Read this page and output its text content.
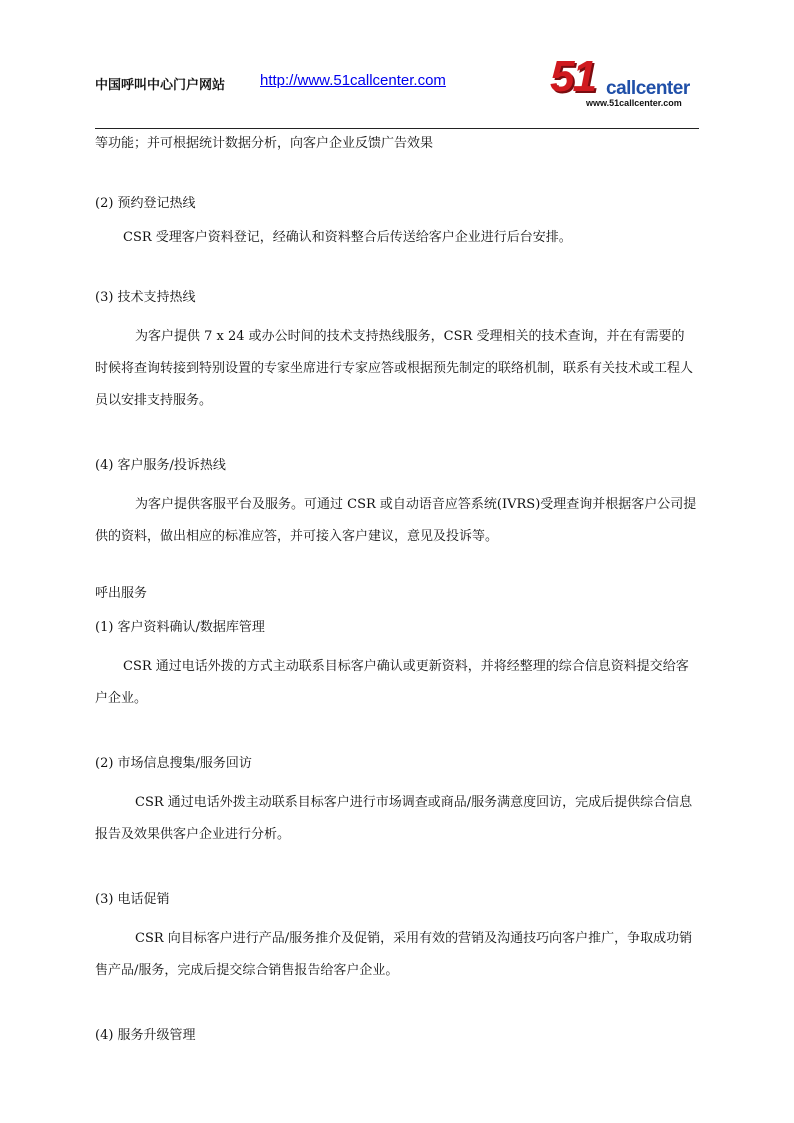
中国呼叫中心门户网站 http://www.51callcenter.com 51 callcenter
www.51callcenter.com

等功能；并可根据统计数据分析，向客户企业反馈广告效果

(2) 预约登记热线

CSR 受理客户资料登记，经确认和资料整合后传送给客户企业进行后台安排。

(3) 技术支持热线

为客户提供 7 x 24 或办公时间的技术支持热线服务，CSR 受理相关的技术查询，并在有需要的时候将查询转接到特别设置的专家坐席进行专家应答或根据预先制定的联络机制，联系有关技术或工程人员以安排支持服务。

(4) 客户服务/投诉热线

为客户提供客服平台及服务。可通过 CSR 或自动语音应答系统(IVRS)受理查询并根据客户公司提供的资料，做出相应的标准应答，并可接入客户建议，意见及投诉等。

呼出服务

(1) 客户资料确认/数据库管理

CSR 通过电话外拨的方式主动联系目标客户确认或更新资料，并将经整理的综合信息资料提交给客户企业。

(2) 市场信息搜集/服务回访

CSR 通过电话外拨主动联系目标客户进行市场调查或商品/服务满意度回访，完成后提供综合信息报告及效果供客户企业进行分析。

(3) 电话促销

CSR 向目标客户进行产品/服务推介及促销，采用有效的营销及沟通技巧向客户推广，争取成功销售产品/服务，完成后提交综合销售报告给客户企业。

(4) 服务升级管理
